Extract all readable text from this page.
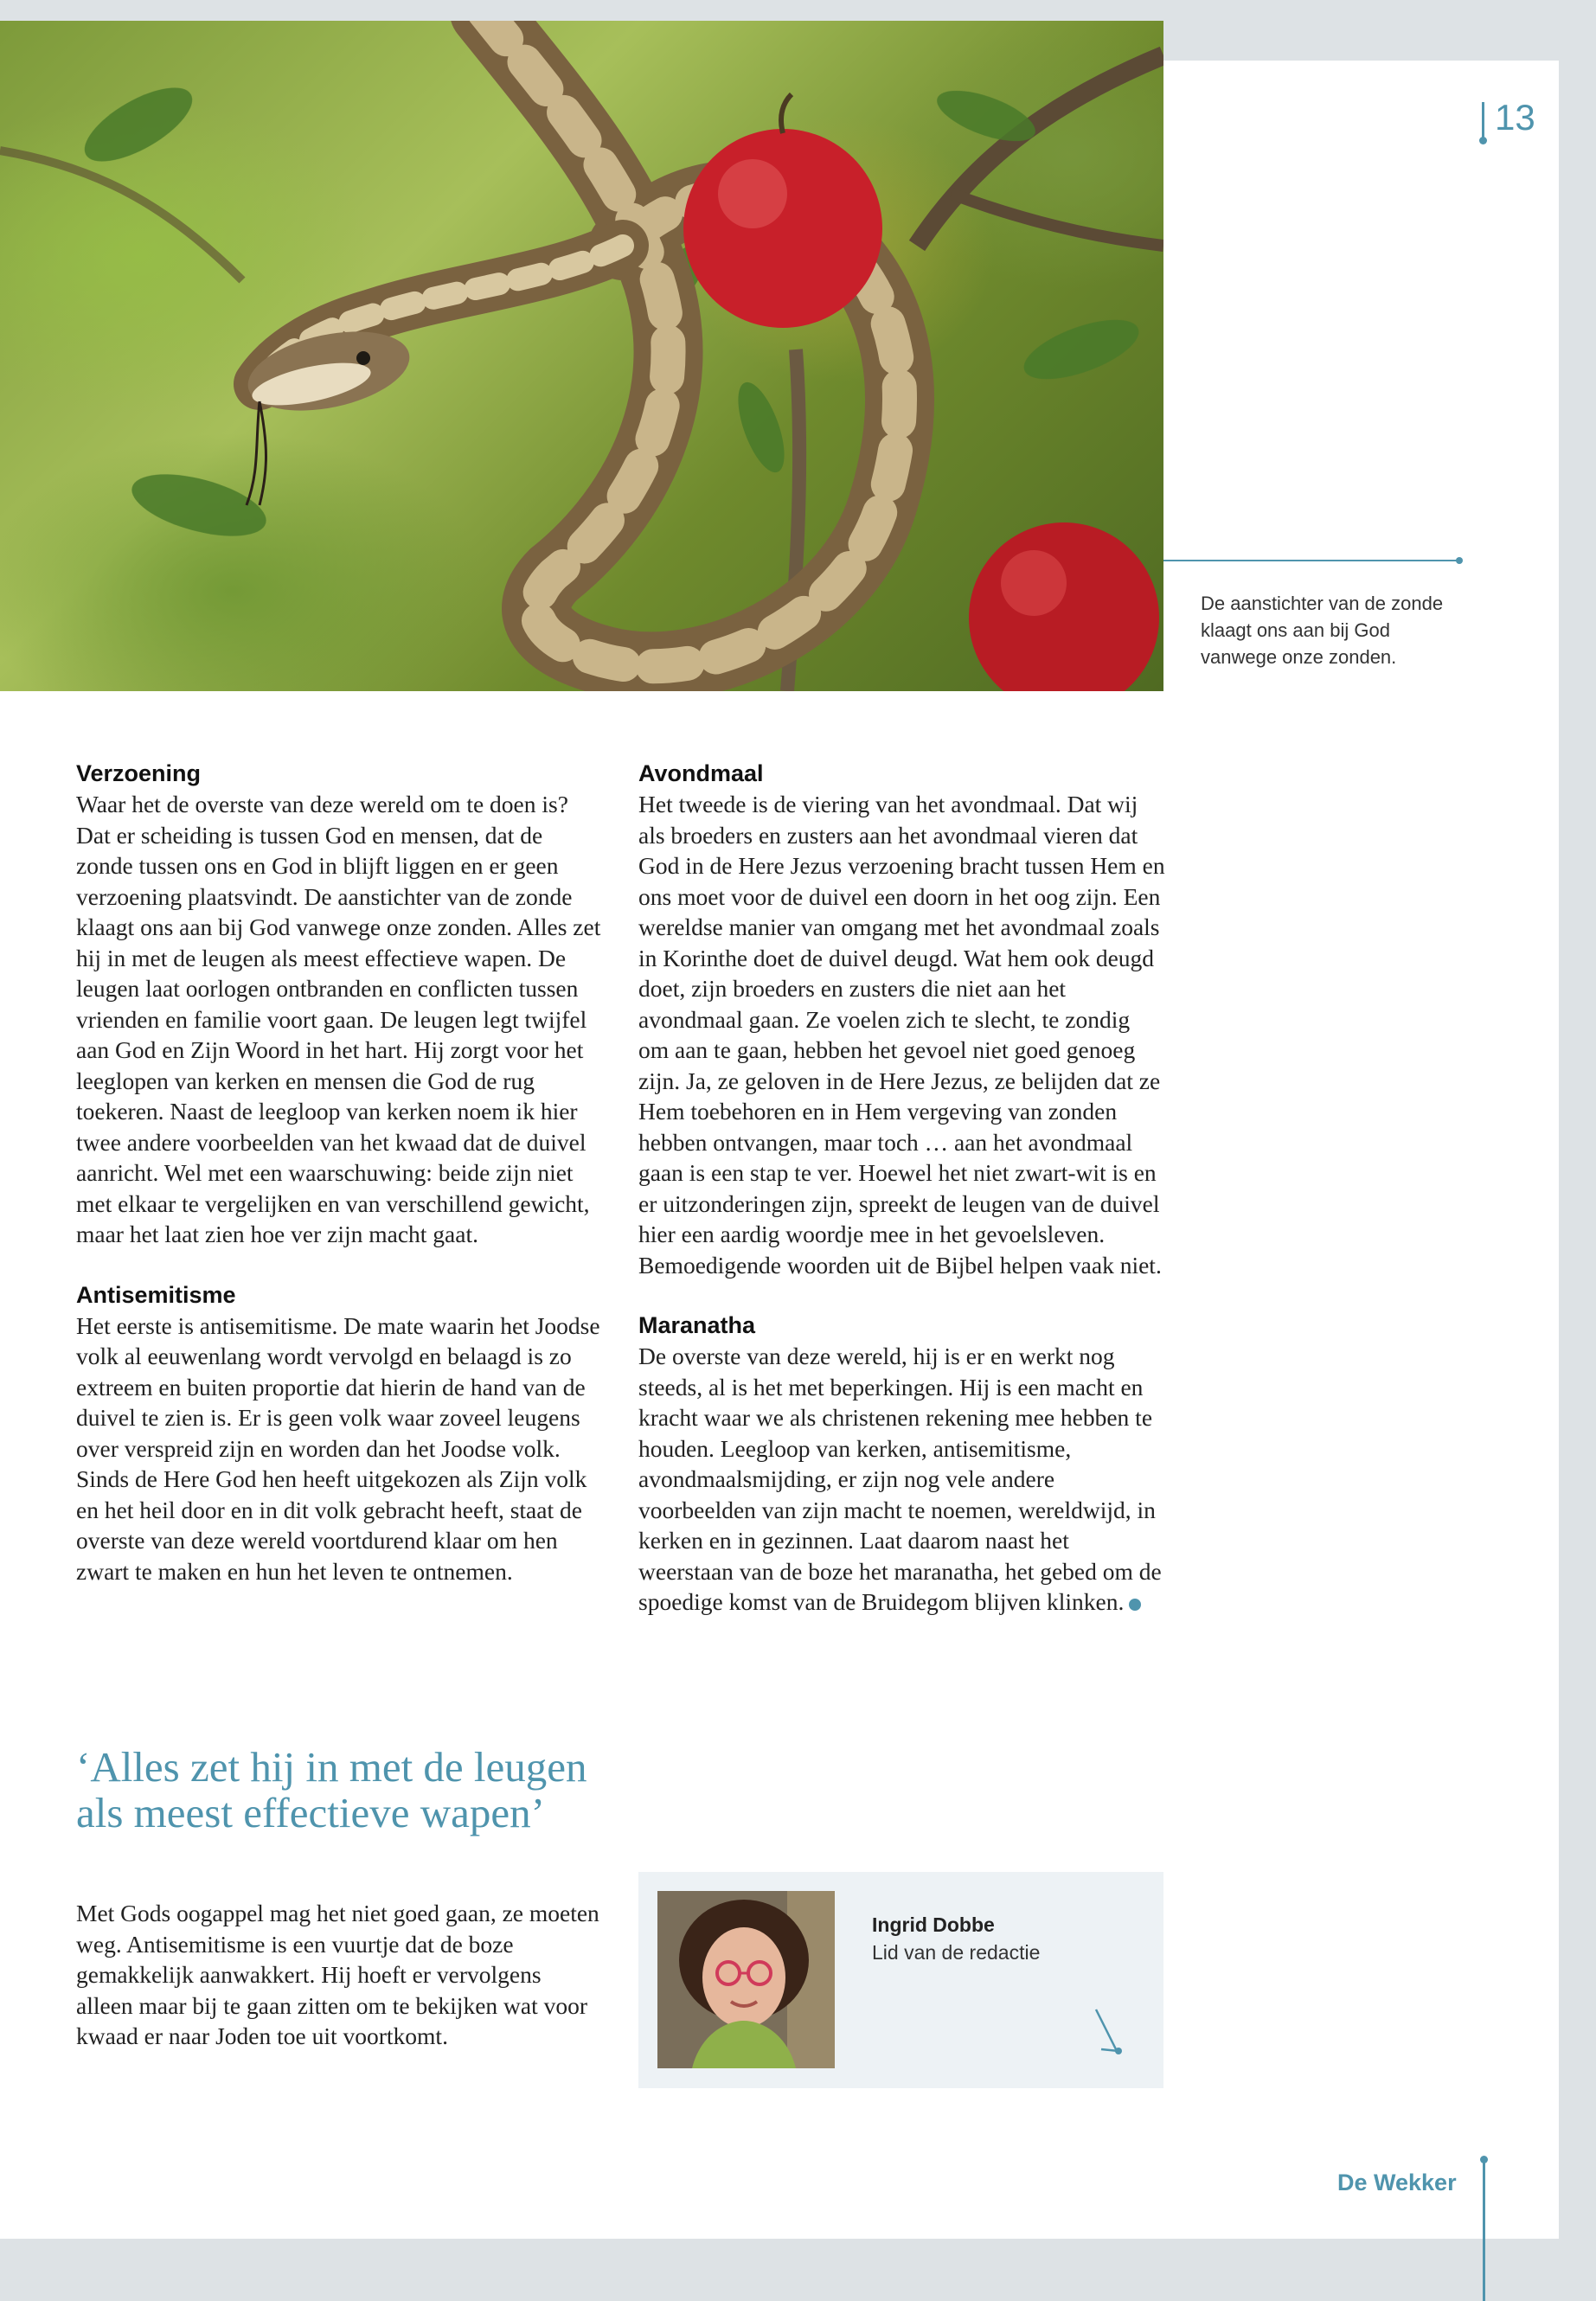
De aanstichter van de zonde klaagt ons aan bij God vanwege onze zonden.
13
Verzoening

Waar het de overste van deze wereld om te doen is? Dat er scheiding is tussen God en mensen, dat de zonde tussen ons en God in blijft liggen en er geen verzoening plaatsvindt. De aanstichter van de zonde klaagt ons aan bij God vanwege onze zonden. Alles zet hij in met de leugen als meest effectieve wapen. De leugen laat oorlogen ontbranden en conflicten tussen vrienden en familie voort gaan. De leugen legt twijfel aan God en Zijn Woord in het hart. Hij zorgt voor het leeglopen van kerken en mensen die God de rug toekeren. Naast de leegloop van kerken noem ik hier twee andere voorbeelden van het kwaad dat de duivel aanricht. Wel met een waarschuwing: beide zijn niet met elkaar te vergelijken en van verschillend gewicht, maar het laat zien hoe ver zijn macht gaat.

Antisemitisme

Het eerste is antisemitisme. De mate waarin het Joodse volk al eeuwenlang wordt vervolgd en belaagd is zo extreem en buiten proportie dat hierin de hand van de duivel te zien is. Er is geen volk waar zoveel leugens over verspreid zijn en worden dan het Joodse volk. Sinds de Here God hen heeft uitgekozen als Zijn volk en het heil door en in dit volk gebracht heeft, staat de overste van deze wereld voortdurend klaar om hen zwart te maken en hun het leven te ontnemen.

‘Alles zet hij in met de leugen als meest effectieve wapen’

Met Gods oogappel mag het niet goed gaan, ze moeten weg. Antisemitisme is een vuurtje dat de boze gemakkelijk aanwakkert. Hij hoeft er vervolgens alleen maar bij te gaan zitten om te bekijken wat voor kwaad er naar Joden toe uit voortkomt.

Avondmaal

Het tweede is de viering van het avondmaal. Dat wij als broeders en zusters aan het avondmaal vieren dat God in de Here Jezus verzoening bracht tussen Hem en ons moet voor de duivel een doorn in het oog zijn. Een wereldse manier van omgang met het avondmaal zoals in Korinthe doet de duivel deugd. Wat hem ook deugd doet, zijn broeders en zusters die niet aan het avondmaal gaan. Ze voelen zich te slecht, te zondig om aan te gaan, hebben het gevoel niet goed genoeg zijn. Ja, ze geloven in de Here Jezus, ze belijden dat ze Hem toebehoren en in Hem vergeving van zonden hebben ontvangen, maar toch … aan het avondmaal gaan is een stap te ver. Hoewel het niet zwart-wit is en er uitzonderingen zijn, spreekt de leugen van de duivel hier een aardig woordje mee in het gevoelsleven. Bemoedigende woorden uit de Bijbel helpen vaak niet.

Maranatha

De overste van deze wereld, hij is er en werkt nog steeds, al is het met beperkingen. Hij is een macht en kracht waar we als christenen rekening mee hebben te houden. Leegloop van kerken, antisemitisme, avondmaalsmijding, er zijn nog vele andere voorbeelden van zijn macht te noemen, wereldwijd, in kerken en in gezinnen. Laat daarom naast het weerstaan van de boze het maranatha, het gebed om de spoedige komst van de Bruidegom blijven klinken.

Ingrid Dobbe
Lid van de redactie
De Wekker
